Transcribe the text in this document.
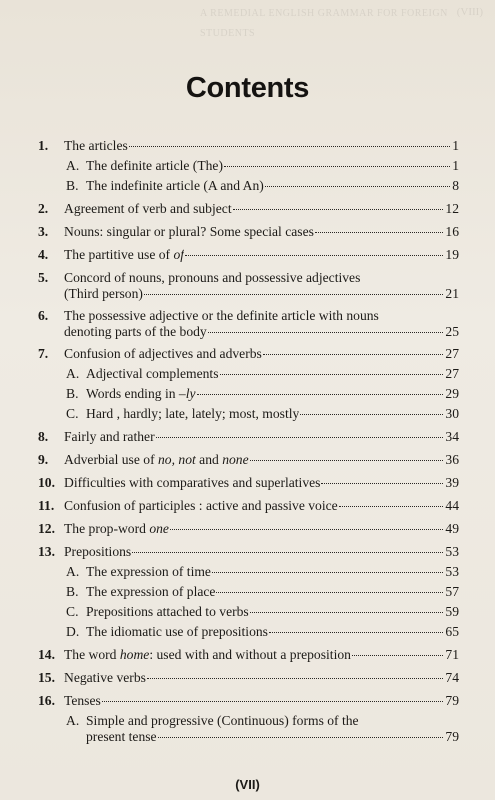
A REMEDIAL ENGLISH GRAMMAR FOR FOREIGN STUDENTS
(VIII)
Contents
1.	The articles	1
A. The definite article (The)	1
B. The indefinite article (A and An)	8
2.	Agreement of verb and subject	12
3.	Nouns: singular or plural? Some special cases	16
4.	The partitive use of of	19
5.	Concord of nouns, pronouns and possessive adjectives
(Third person)	21
6.	The possessive adjective or the definite article with nouns
denoting parts of the body	25
7.	Confusion of adjectives and adverbs	27
A. Adjectival complements	27
B. Words ending in –ly	29
C. Hard , hardly; late, lately; most, mostly	30
8.	Fairly and rather	34
9.	Adverbial use of no, not and none	36
10. Difficulties with comparatives and superlatives	39
11. Confusion of participles : active and passive voice	44
12. The prop-word one	49
13. Prepositions	53
A. The expression of time	53
B. The expression of place	57
C. Prepositions attached to verbs	59
D. The idiomatic use of prepositions	65
14. The word home: used with and without a preposition	71
15. Negative verbs	74
16. Tenses	79
A. Simple and progressive (Continuous) forms of the
present tense	79
(VII)
